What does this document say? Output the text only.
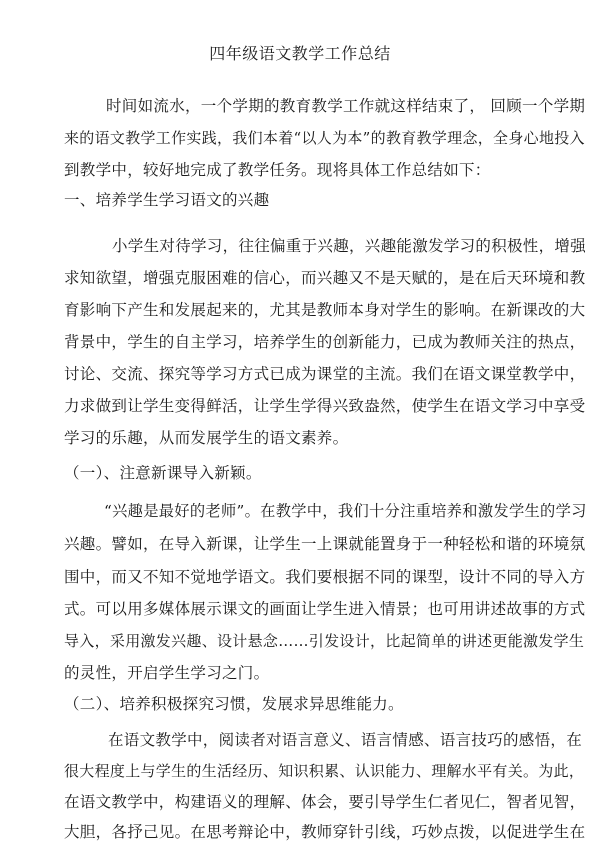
四年级语文教学工作总结
时间如流水，一个学期的教育教学工作就这样结束了， 回顾一个学期
来的语文教学工作实践，我们本着“以人为本”的教育教学理念，全身心地投入
到教学中，较好地完成了教学任务。现将具体工作总结如下：
一、培养学生学习语文的兴趣
小学生对待学习，往往偏重于兴趣，兴趣能激发学习的积极性，增强
求知欲望，增强克服困难的信心，而兴趣又不是天赋的，是在后天环境和教
育影响下产生和发展起来的，尤其是教师本身对学生的影响。在新课改的大
背景中，学生的自主学习，培养学生的创新能力，已成为教师关注的热点，
讨论、交流、探究等学习方式已成为课堂的主流。我们在语文课堂教学中，
力求做到让学生变得鲜活，让学生学得兴致盎然，使学生在语文学习中享受
学习的乐趣，从而发展学生的语文素养。
（一）、注意新课导入新颖。
“兴趣是最好的老师”。在教学中，我们十分注重培养和激发学生的学习
兴趣。譬如，在导入新课，让学生一上课就能置身于一种轻松和谐的环境氛
围中，而又不知不觉地学语文。我们要根据不同的课型，设计不同的导入方
式。可以用多媒体展示课文的画面让学生进入情景；也可用讲述故事的方式
导入，采用激发兴趣、设计悬念……引发设计，比起简单的讲述更能激发学生
的灵性，开启学生学习之门。
（二）、培养积极探究习惯，发展求异思维能力。
在语文教学中，阅读者对语言意义、语言情感、语言技巧的感悟，在
很大程度上与学生的生活经历、知识积累、认识能力、理解水平有关。为此，
在语文教学中，构建语义的理解、体会，要引导学生仁者见仁，智者见智，
大胆，各抒己见。在思考辩论中，教师穿针引线，巧妙点拨，以促进学生在
